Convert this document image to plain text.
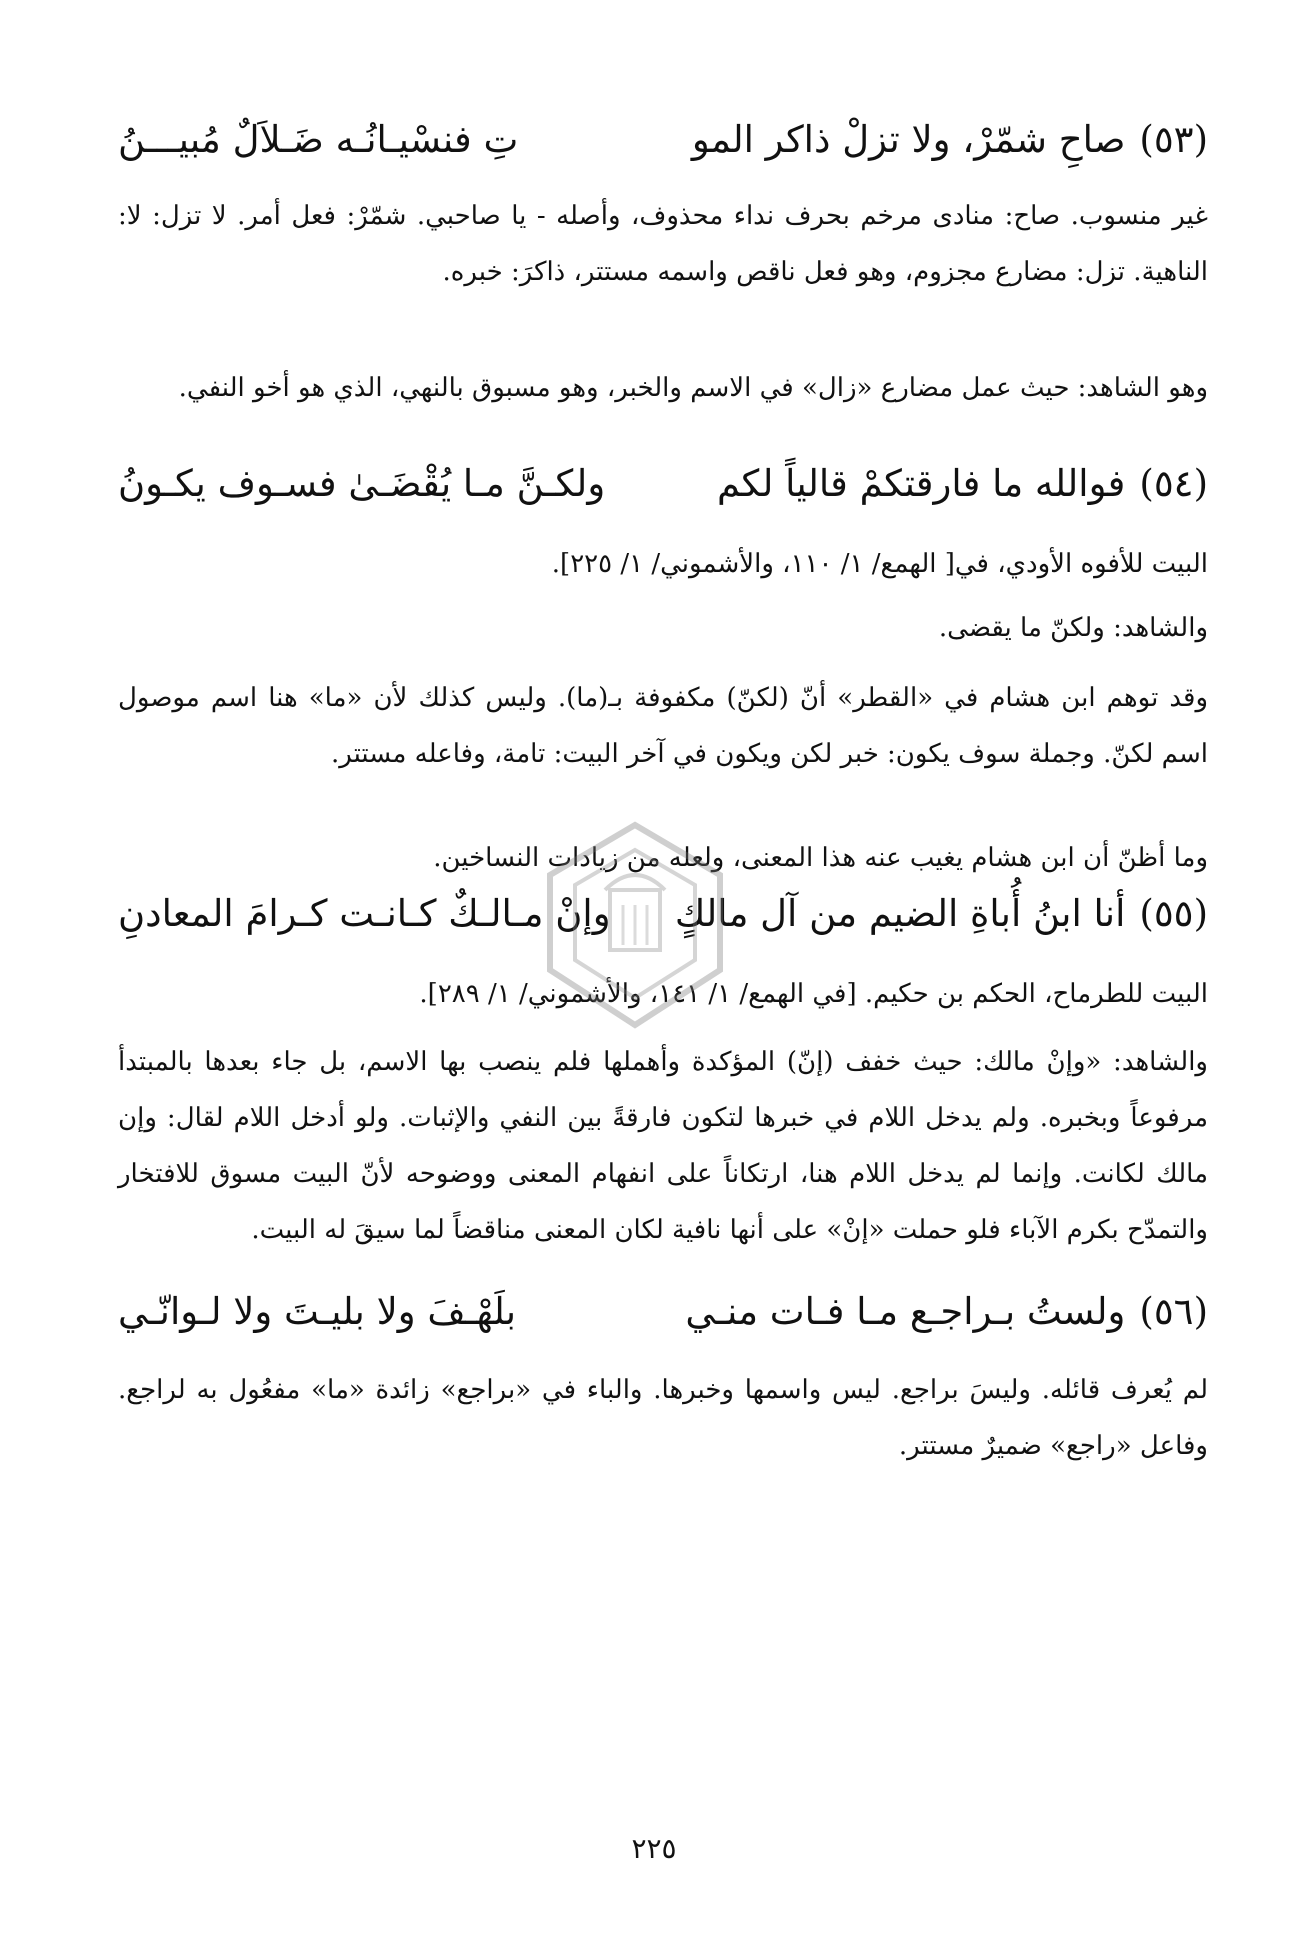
(٥٣)صاحِ شمّرْ، ولا تزلْ ذاكر المو
تِ فنسْيـانُـه ضَـلاَلٌ مُبيـــنُ

غير منسوب. صاح: منادى مرخم بحرف نداء محذوف، وأصله - يا صاحبي. شمّرْ: فعل أمر. لا تزل: لا: الناهية. تزل: مضارع مجزوم، وهو فعل ناقص واسمه مستتر، ذاكرَ: خبره.

وهو الشاهد: حيث عمل مضارع «زال» في الاسم والخبر، وهو مسبوق بالنهي، الذي هو أخو النفي.

(٥٤)فوالله ما فارقتكمْ قالياً لكم
ولكـنَّ مـا يُقْضَـىٰ فسـوف يكـونُ

البيت للأفوه الأودي، في[ الهمع/ ١/ ١١٠، والأشموني/ ١/ ٢٢٥].

والشاهد: ولكنّ ما يقضى.

وقد توهم ابن هشام في «القطر» أنّ (لكنّ) مكفوفة بـ(ما). وليس كذلك لأن «ما» هنا اسم موصول اسم لكنّ. وجملة سوف يكون: خبر لكن ويكون في آخر البيت: تامة، وفاعله مستتر.

وما أظنّ أن ابن هشام يغيب عنه هذا المعنى، ولعله من زيادات النساخين.

(٥٥)أنا ابنُ أُباةِ الضيم من آل مالكٍ
وإنْ مـالـكٌ كـانـت كـرامَ المعادنِ

البيت للطرماح، الحكم بن حكيم. [في الهمع/ ١/ ١٤١، والأشموني/ ١/ ٢٨٩].

والشاهد: «وإنْ مالك: حيث خفف (إنّ) المؤكدة وأهملها فلم ينصب بها الاسم، بل جاء بعدها بالمبتدأ مرفوعاً وبخبره. ولم يدخل اللام في خبرها لتكون فارقةً بين النفي والإثبات. ولو أدخل اللام لقال: وإن مالك لكانت. وإنما لم يدخل اللام هنا، ارتكاناً على انفهام المعنى ووضوحه لأنّ البيت مسوق للافتخار والتمدّح بكرم الآباء فلو حملت «إنْ» على أنها نافية لكان المعنى مناقضاً لما سيقَ له البيت.

(٥٦)ولستُ بـراجـع مـا فـات منـي
بلَهْـفَ ولا بليـتَ ولا لـوانّـي

لم يُعرف قائله. وليسَ براجع. ليس واسمها وخبرها. والباء في «براجع» زائدة «ما» مفعُول به لراجع. وفاعل «راجع» ضميرٌ مستتر.

٢٢٥
